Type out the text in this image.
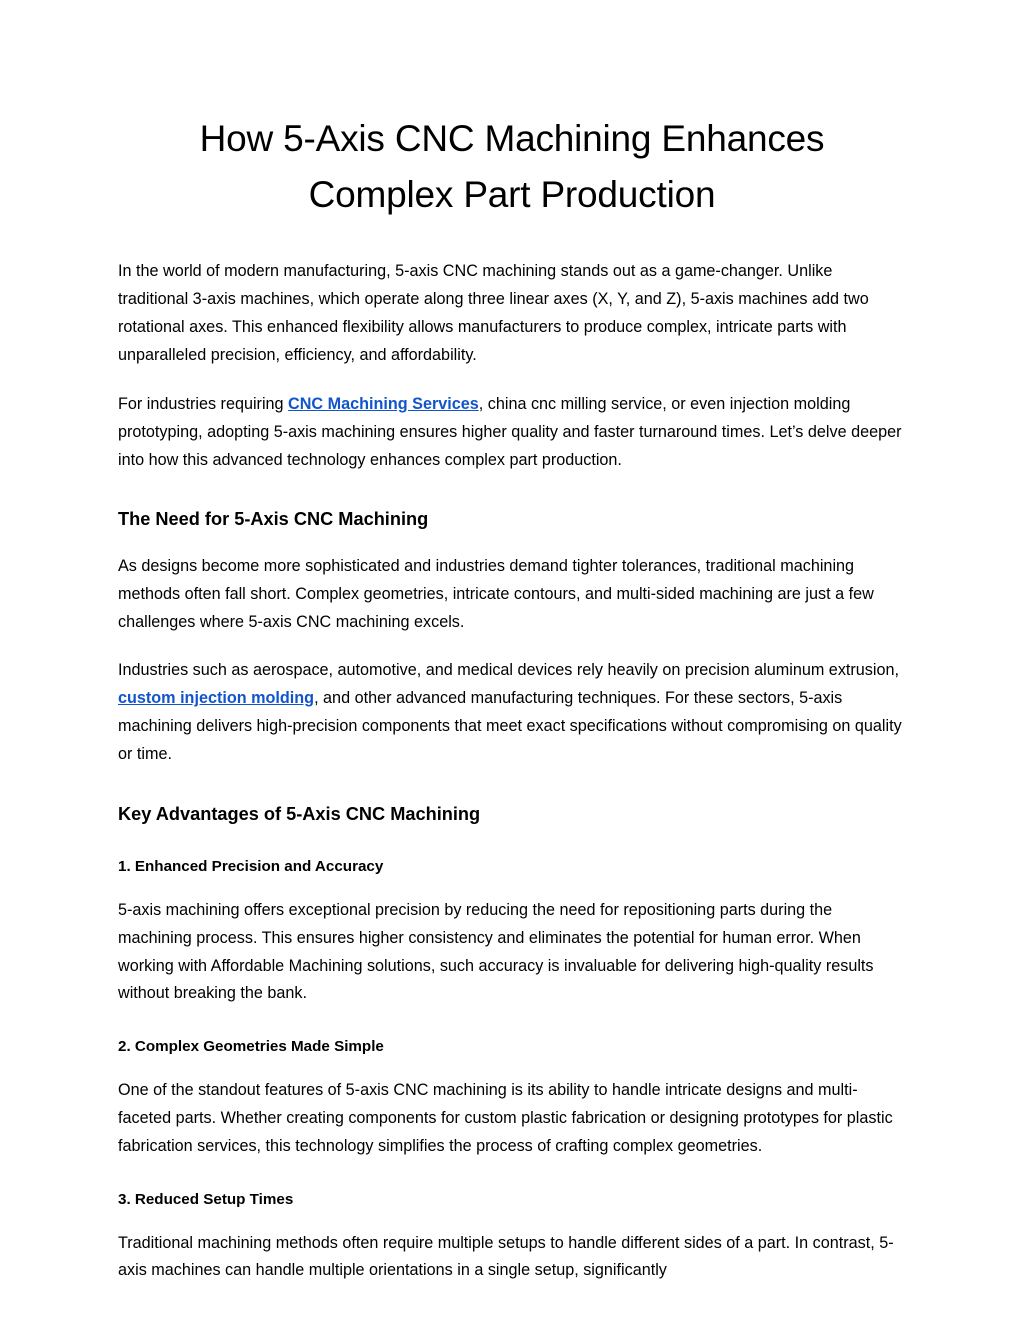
How 5-Axis CNC Machining Enhances
Complex Part Production

In the world of modern manufacturing, 5-axis CNC machining stands out as a game-changer. Unlike traditional 3-axis machines, which operate along three linear axes (X, Y, and Z), 5-axis machines add two rotational axes. This enhanced flexibility allows manufacturers to produce complex, intricate parts with unparalleled precision, efficiency, and affordability.

For industries requiring CNC Machining Services, china cnc milling service, or even injection molding prototyping, adopting 5-axis machining ensures higher quality and faster turnaround times. Let’s delve deeper into how this advanced technology enhances complex part production.

The Need for 5-Axis CNC Machining

As designs become more sophisticated and industries demand tighter tolerances, traditional machining methods often fall short. Complex geometries, intricate contours, and multi-sided machining are just a few challenges where 5-axis CNC machining excels.

Industries such as aerospace, automotive, and medical devices rely heavily on precision aluminum extrusion, custom injection molding, and other advanced manufacturing techniques. For these sectors, 5-axis machining delivers high-precision components that meet exact specifications without compromising on quality or time.

Key Advantages of 5-Axis CNC Machining
1. Enhanced Precision and Accuracy

5-axis machining offers exceptional precision by reducing the need for repositioning parts during the machining process. This ensures higher consistency and eliminates the potential for human error. When working with Affordable Machining solutions, such accuracy is invaluable for delivering high-quality results without breaking the bank.

2. Complex Geometries Made Simple

One of the standout features of 5-axis CNC machining is its ability to handle intricate designs and multi-faceted parts. Whether creating components for custom plastic fabrication or designing prototypes for plastic fabrication services, this technology simplifies the process of crafting complex geometries.

3. Reduced Setup Times

Traditional machining methods often require multiple setups to handle different sides of a part. In contrast, 5-axis machines can handle multiple orientations in a single setup, significantly
